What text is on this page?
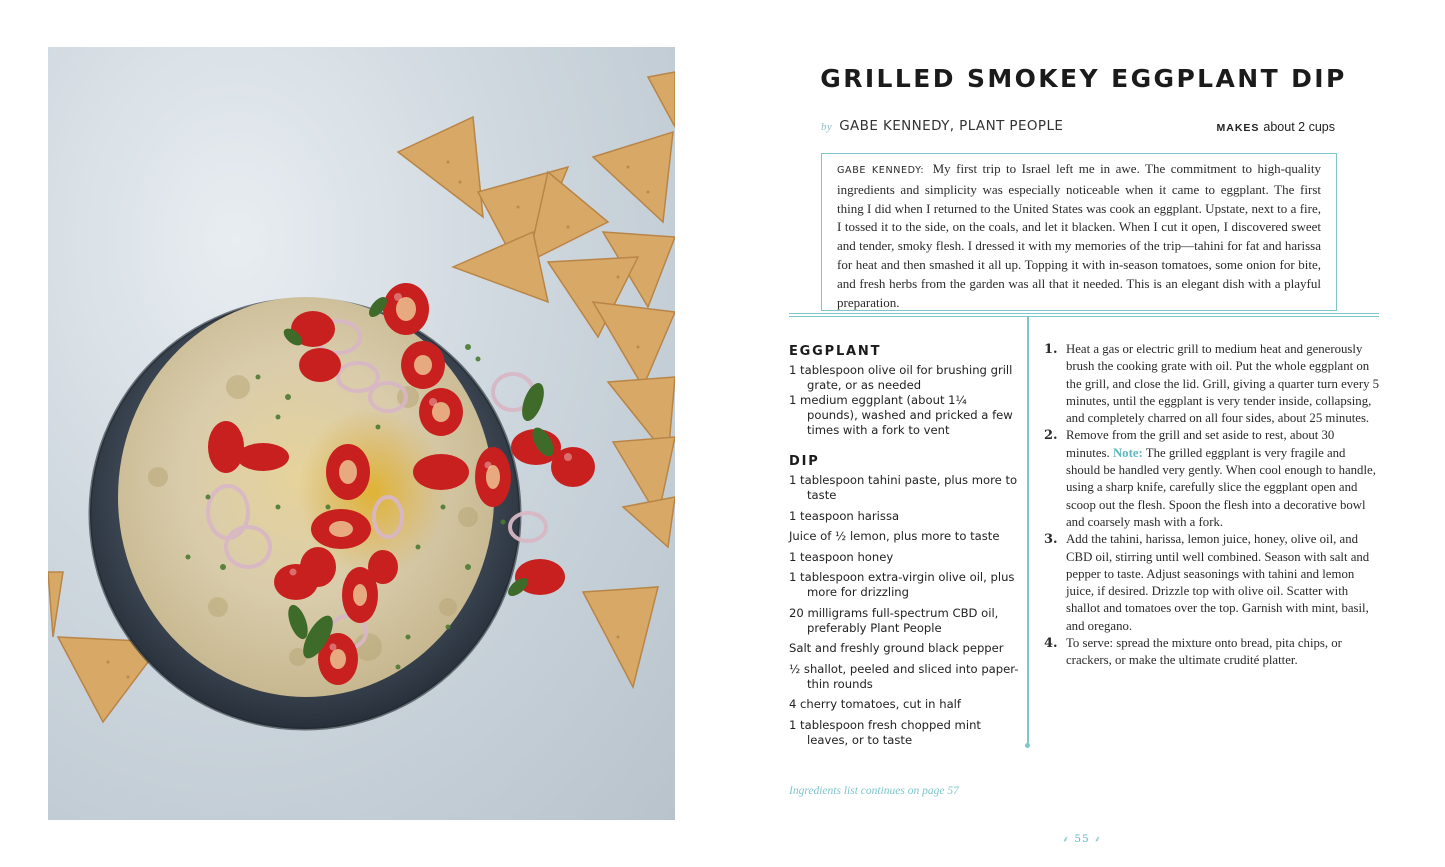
GRILLED SMOKEY EGGPLANT DIP
by GABE KENNEDY, PLANT PEOPLE	MAKES about 2 cups
GABE KENNEDY: My first trip to Israel left me in awe. The commitment to high-quality ingredients and simplicity was especially noticeable when it came to eggplant. The first thing I did when I returned to the United States was cook an eggplant. Upstate, next to a fire, I tossed it to the side, on the coals, and let it blacken. When I cut it open, I discovered sweet and tender, smoky flesh. I dressed it with my memories of the trip—tahini for fat and harissa for heat and then smashed it all up. Topping it with in-season tomatoes, some onion for bite, and fresh herbs from the garden was all that it needed. This is an elegant dish with a playful preparation.
EGGPLANT
1 tablespoon olive oil for brushing grill grate, or as needed
1 medium eggplant (about 1¼ pounds), washed and pricked a few times with a fork to vent
DIP
1 tablespoon tahini paste, plus more to taste
1 teaspoon harissa
Juice of ½ lemon, plus more to taste
1 teaspoon honey
1 tablespoon extra-virgin olive oil, plus more for drizzling
20 milligrams full-spectrum CBD oil, preferably Plant People
Salt and freshly ground black pepper
½ shallot, peeled and sliced into paper-thin rounds
4 cherry tomatoes, cut in half
1 tablespoon fresh chopped mint leaves, or to taste
1. Heat a gas or electric grill to medium heat and generously brush the cooking grate with oil. Put the whole eggplant on the grill, and close the lid. Grill, giving a quarter turn every 5 minutes, until the eggplant is very tender inside, collapsing, and completely charred on all four sides, about 25 minutes.
2. Remove from the grill and set aside to rest, about 30 minutes. Note: The grilled eggplant is very fragile and should be handled very gently. When cool enough to handle, using a sharp knife, carefully slice the eggplant open and scoop out the flesh. Spoon the flesh into a decorative bowl and coarsely mash with a fork.
3. Add the tahini, harissa, lemon juice, honey, olive oil, and CBD oil, stirring until well combined. Season with salt and pepper to taste. Adjust seasonings with tahini and lemon juice, if desired. Drizzle top with olive oil. Scatter with shallot and tomatoes over the top. Garnish with mint, basil, and oregano.
4. To serve: spread the mixture onto bread, pita chips, or crackers, or make the ultimate crudité platter.
Ingredients list continues on page 57
⸙ 55 ⸙
